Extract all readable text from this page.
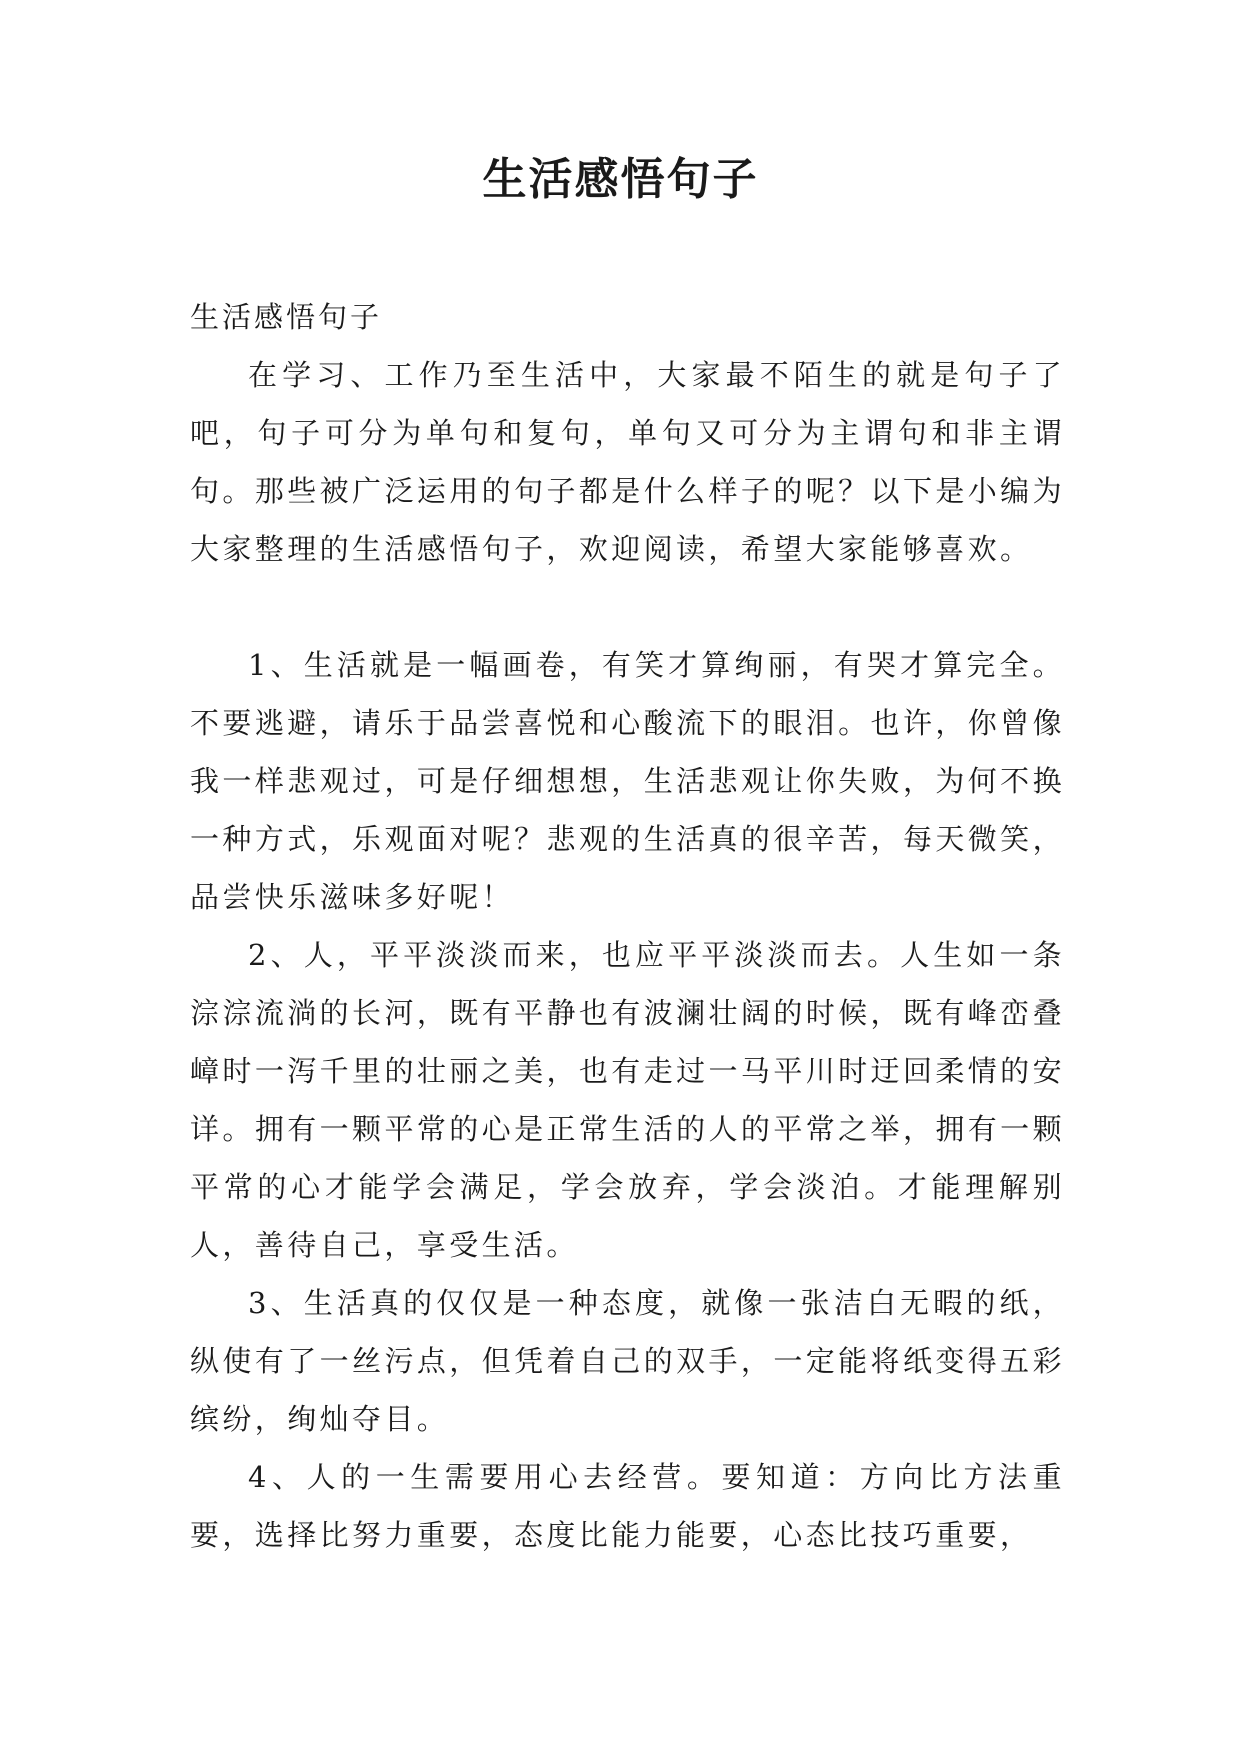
生活感悟句子

生活感悟句子

在学习、工作乃至生活中，大家最不陌生的就是句子了吧，句子可分为单句和复句，单句又可分为主谓句和非主谓句。那些被广泛运用的句子都是什么样子的呢？以下是小编为大家整理的生活感悟句子，欢迎阅读，希望大家能够喜欢。

1、生活就是一幅画卷，有笑才算绚丽，有哭才算完全。不要逃避，请乐于品尝喜悦和心酸流下的眼泪。也许，你曾像我一样悲观过，可是仔细想想，生活悲观让你失败，为何不换一种方式，乐观面对呢？悲观的生活真的很辛苦，每天微笑，品尝快乐滋味多好呢！

2、人，平平淡淡而来，也应平平淡淡而去。人生如一条淙淙流淌的长河，既有平静也有波澜壮阔的时候，既有峰峦叠嶂时一泻千里的壮丽之美，也有走过一马平川时迂回柔情的安详。拥有一颗平常的心是正常生活的人的平常之举，拥有一颗平常的心才能学会满足，学会放弃，学会淡泊。才能理解别人，善待自己，享受生活。

3、生活真的仅仅是一种态度，就像一张洁白无暇的纸，纵使有了一丝污点，但凭着自己的双手，一定能将纸变得五彩缤纷，绚灿夺目。

4、人的一生需要用心去经营。要知道：方向比方法重要，选择比努力重要，态度比能力能要，心态比技巧重要，
